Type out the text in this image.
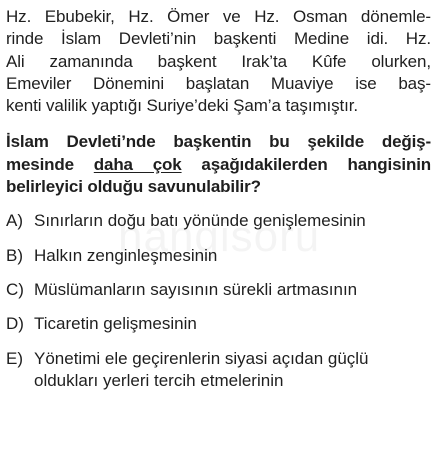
Hz. Ebubekir, Hz. Ömer ve Hz. Osman dönemle-
rinde İslam Devleti’nin başkenti Medine idi. Hz.
Ali zamanında başkent Irak’ta Kûfe olurken,
Emeviler Dönemini başlatan Muaviye ise baş-
kenti valilik yaptığı Suriye’deki Şam’a taşımıştır.
İslam Devleti’nde başkentin bu şekilde değiş-
mesinde daha çok aşağıdakilerden hangisinin
belirleyici olduğu savunulabilir?
A) Sınırların doğu batı yönünde genişlemesinin
B) Halkın zenginleşmesinin
C) Müslümanların sayısının sürekli artmasının
D) Ticaretin gelişmesinin
E) Yönetimi ele geçirenlerin siyasi açıdan güçlü
oldukları yerleri tercih etmelerinin
